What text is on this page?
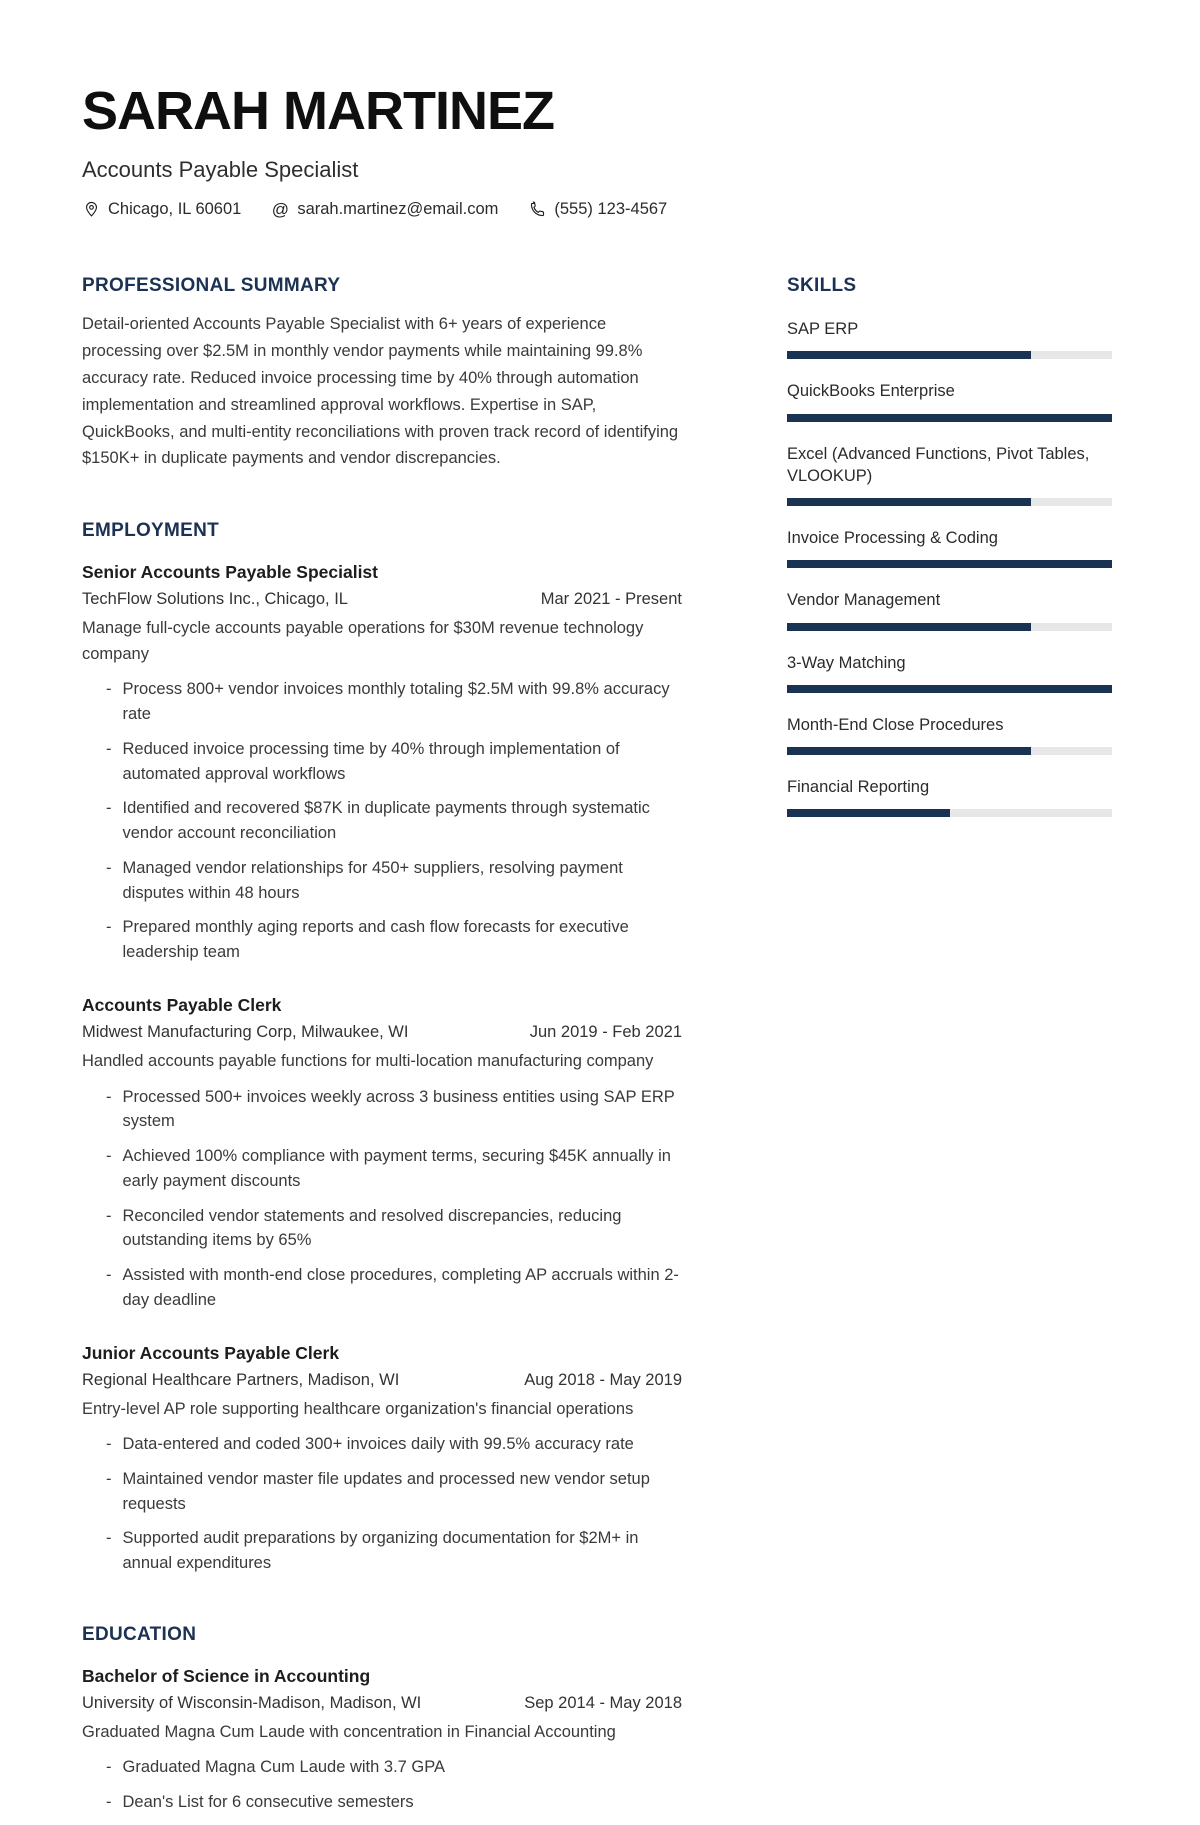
SARAH MARTINEZ
Accounts Payable Specialist
Chicago, IL 60601 @ sarah.martinez@email.com	(555) 123-4567
PROFESSIONAL SUMMARY

Detail-oriented Accounts Payable Specialist with 6+ years of experience processing over $2.5M in monthly vendor payments while maintaining 99.8% accuracy rate. Reduced invoice processing time by 40% through automation implementation and streamlined approval workflows. Expertise in SAP, QuickBooks, and multi-entity reconciliations with proven track record of identifying $150K+ in duplicate payments and vendor discrepancies.

EMPLOYMENT
Senior Accounts Payable Specialist
TechFlow Solutions Inc., Chicago, IL	Mar 2021 - Present
Manage full-cycle accounts payable operations for $30M revenue technology company
- Process 800+ vendor invoices monthly totaling $2.5M with 99.8% accuracy rate
- Reduced invoice processing time by 40% through implementation of automated approval workflows
- Identified and recovered $87K in duplicate payments through systematic vendor account reconciliation
- Managed vendor relationships for 450+ suppliers, resolving payment disputes within 48 hours
- Prepared monthly aging reports and cash flow forecasts for executive leadership team
Accounts Payable Clerk
Midwest Manufacturing Corp, Milwaukee, WI	Jun 2019 - Feb 2021
Handled accounts payable functions for multi-location manufacturing company
- Processed 500+ invoices weekly across 3 business entities using SAP ERP system
- Achieved 100% compliance with payment terms, securing $45K annually in early payment discounts
- Reconciled vendor statements and resolved discrepancies, reducing outstanding items by 65%
- Assisted with month-end close procedures, completing AP accruals within 2-day deadline
Junior Accounts Payable Clerk
Regional Healthcare Partners, Madison, WI	Aug 2018 - May 2019
Entry-level AP role supporting healthcare organization's financial operations
- Data-entered and coded 300+ invoices daily with 99.5% accuracy rate
- Maintained vendor master file updates and processed new vendor setup requests
- Supported audit preparations by organizing documentation for $2M+ in annual expenditures
EDUCATION
Bachelor of Science in Accounting
University of Wisconsin-Madison, Madison, WI	Sep 2014 - May 2018
Graduated Magna Cum Laude with concentration in Financial Accounting
- Graduated Magna Cum Laude with 3.7 GPA
- Dean's List for 6 consecutive semesters
SKILLS
SAP ERP
QuickBooks Enterprise
Excel (Advanced Functions, Pivot Tables, VLOOKUP)
Invoice Processing & Coding
Vendor Management
3-Way Matching
Month-End Close Procedures
Financial Reporting
